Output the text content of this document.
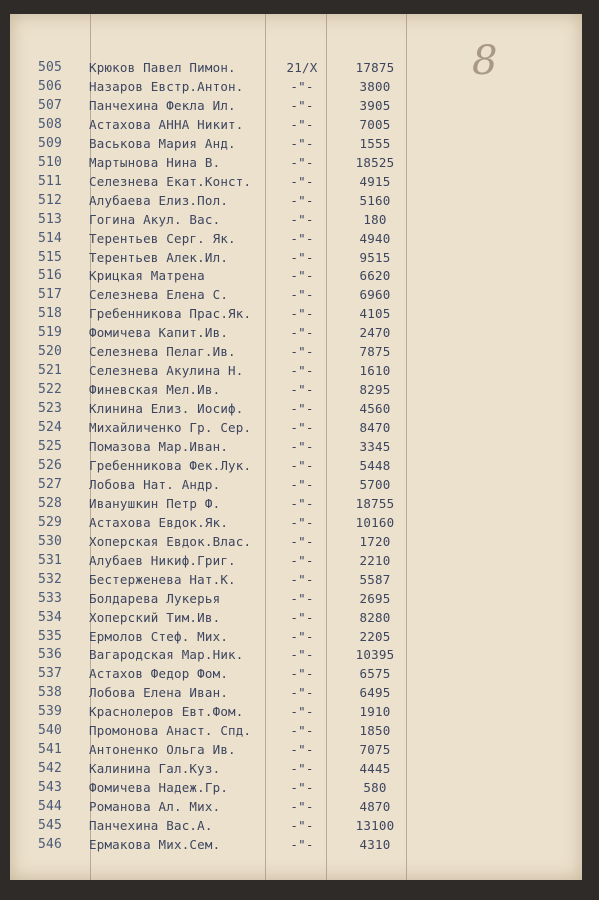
8
505	Крюков Павел Пимон.	21/X	17875
506	Назаров Евстр.Антон.	-"-	3800
507	Панчехина Фекла Ил.	-"-	3905
508	Астахова АННА Никит.	-"-	7005
509	Васькова Мария Анд.	-"-	1555
510	Мартынова Нина В.	-"-	18525
511	Селезнева Екат.Конст.	-"-	4915
512	Алубаева Елиз.Пол.	-"-	5160
513	Гогина Акул. Вас.	-"-	180
514	Терентьев Серг. Як.	-"-	4940
515	Терентьев Алек.Ил.	-"-	9515
516	Крицкая Матрена	-"-	6620
517	Селезнева Елена С.	-"-	6960
518	Гребенникова Прас.Як.	-"-	4105
519	Фомичева Капит.Ив.	-"-	2470
520	Селезнева Пелаг.Ив.	-"-	7875
521	Селезнева Акулина Н.	-"-	1610
522	Финевская Мел.Ив.	-"-	8295
523	Клинина Елиз. Иосиф.	-"-	4560
524	Михайличенко Гр. Сер.	-"-	8470
525	Помазова Мар.Иван.	-"-	3345
526	Гребенникова Фек.Лук.	-"-	5448
527	Лобова Нат. Андр.	-"-	5700
528	Иванушкин Петр Ф.	-"-	18755
529	Астахова Евдок.Як.	-"-	10160
530	Хоперская Евдок.Влас.	-"-	1720
531	Алубаев Никиф.Григ.	-"-	2210
532	Бестерженева Нат.К.	-"-	5587
533	Болдарева Лукерья	-"-	2695
534	Хоперский Тим.Ив.	-"-	8280
535	Ермолов Стеф. Мих.	-"-	2205
536	Вагародская Мар.Ник.	-"-	10395
537	Астахов Федор Фом.	-"-	6575
538	Лобова Елена Иван.	-"-	6495
539	Краснолеров Евт.Фом.	-"-	1910
540	Промонова Анаст. Спд.	-"-	1850
541	Антоненко Ольга Ив.	-"-	7075
542	Калинина Гал.Куз.	-"-	4445
543	Фомичева Надеж.Гр.	-"-	580
544	Романова Ал. Мих.	-"-	4870
545	Панчехина Вас.А.	-"-	13100
546	Ермакова Мих.Сем.	-"-	4310
